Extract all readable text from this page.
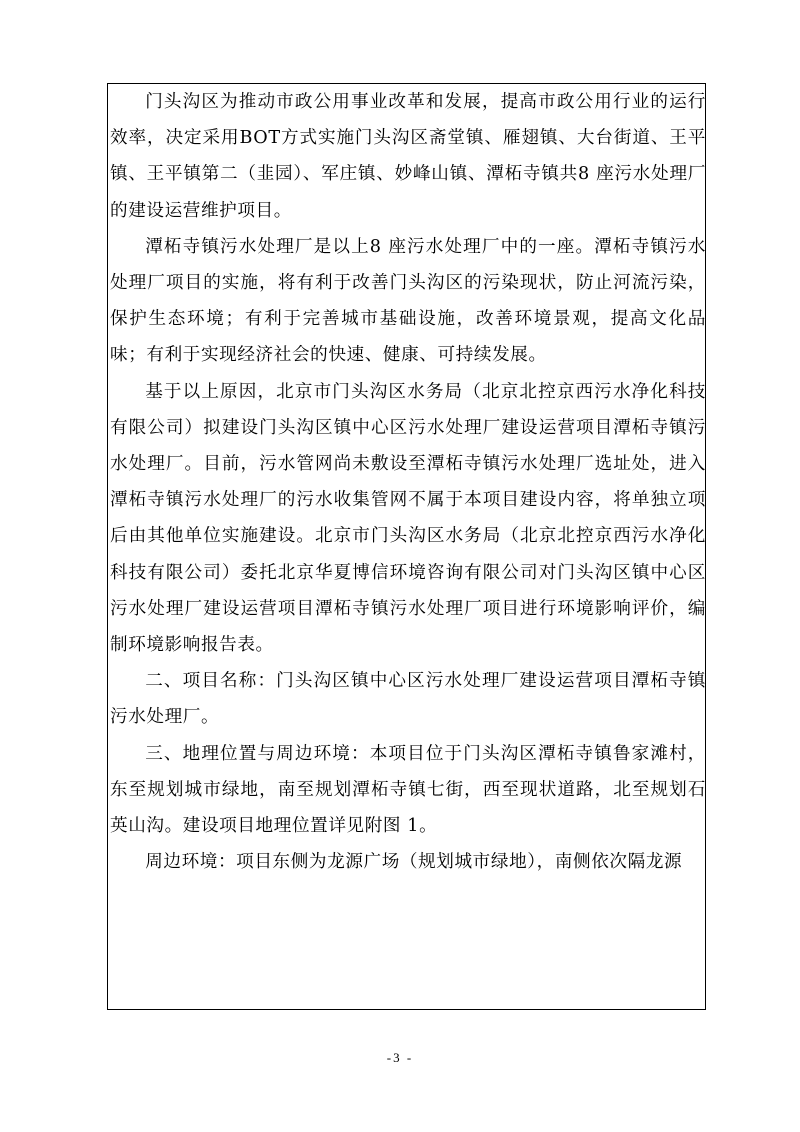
门头沟区为推动市政公用事业改革和发展，提高市政公用行业的运行效率，决定采用BOT方式实施门头沟区斋堂镇、雁翅镇、大台街道、王平镇、王平镇第二（韭园）、军庄镇、妙峰山镇、潭柘寺镇共8 座污水处理厂的建设运营维护项目。

潭柘寺镇污水处理厂是以上8 座污水处理厂中的一座。潭柘寺镇污水处理厂项目的实施，将有利于改善门头沟区的污染现状，防止河流污染，保护生态环境；有利于完善城市基础设施，改善环境景观，提高文化品味；有利于实现经济社会的快速、健康、可持续发展。

基于以上原因，北京市门头沟区水务局（北京北控京西污水净化科技有限公司）拟建设门头沟区镇中心区污水处理厂建设运营项目潭柘寺镇污水处理厂。目前，污水管网尚未敷设至潭柘寺镇污水处理厂选址处，进入潭柘寺镇污水处理厂的污水收集管网不属于本项目建设内容，将单独立项后由其他单位实施建设。北京市门头沟区水务局（北京北控京西污水净化科技有限公司）委托北京华夏博信环境咨询有限公司对门头沟区镇中心区污水处理厂建设运营项目潭柘寺镇污水处理厂项目进行环境影响评价，编制环境影响报告表。

二、项目名称：门头沟区镇中心区污水处理厂建设运营项目潭柘寺镇污水处理厂。

三、地理位置与周边环境：本项目位于门头沟区潭柘寺镇鲁家滩村，东至规划城市绿地，南至规划潭柘寺镇七街，西至现状道路，北至规划石英山沟。建设项目地理位置详见附图 1。

周边环境：项目东侧为龙源广场（规划城市绿地），南侧依次隔龙源

-3 -
